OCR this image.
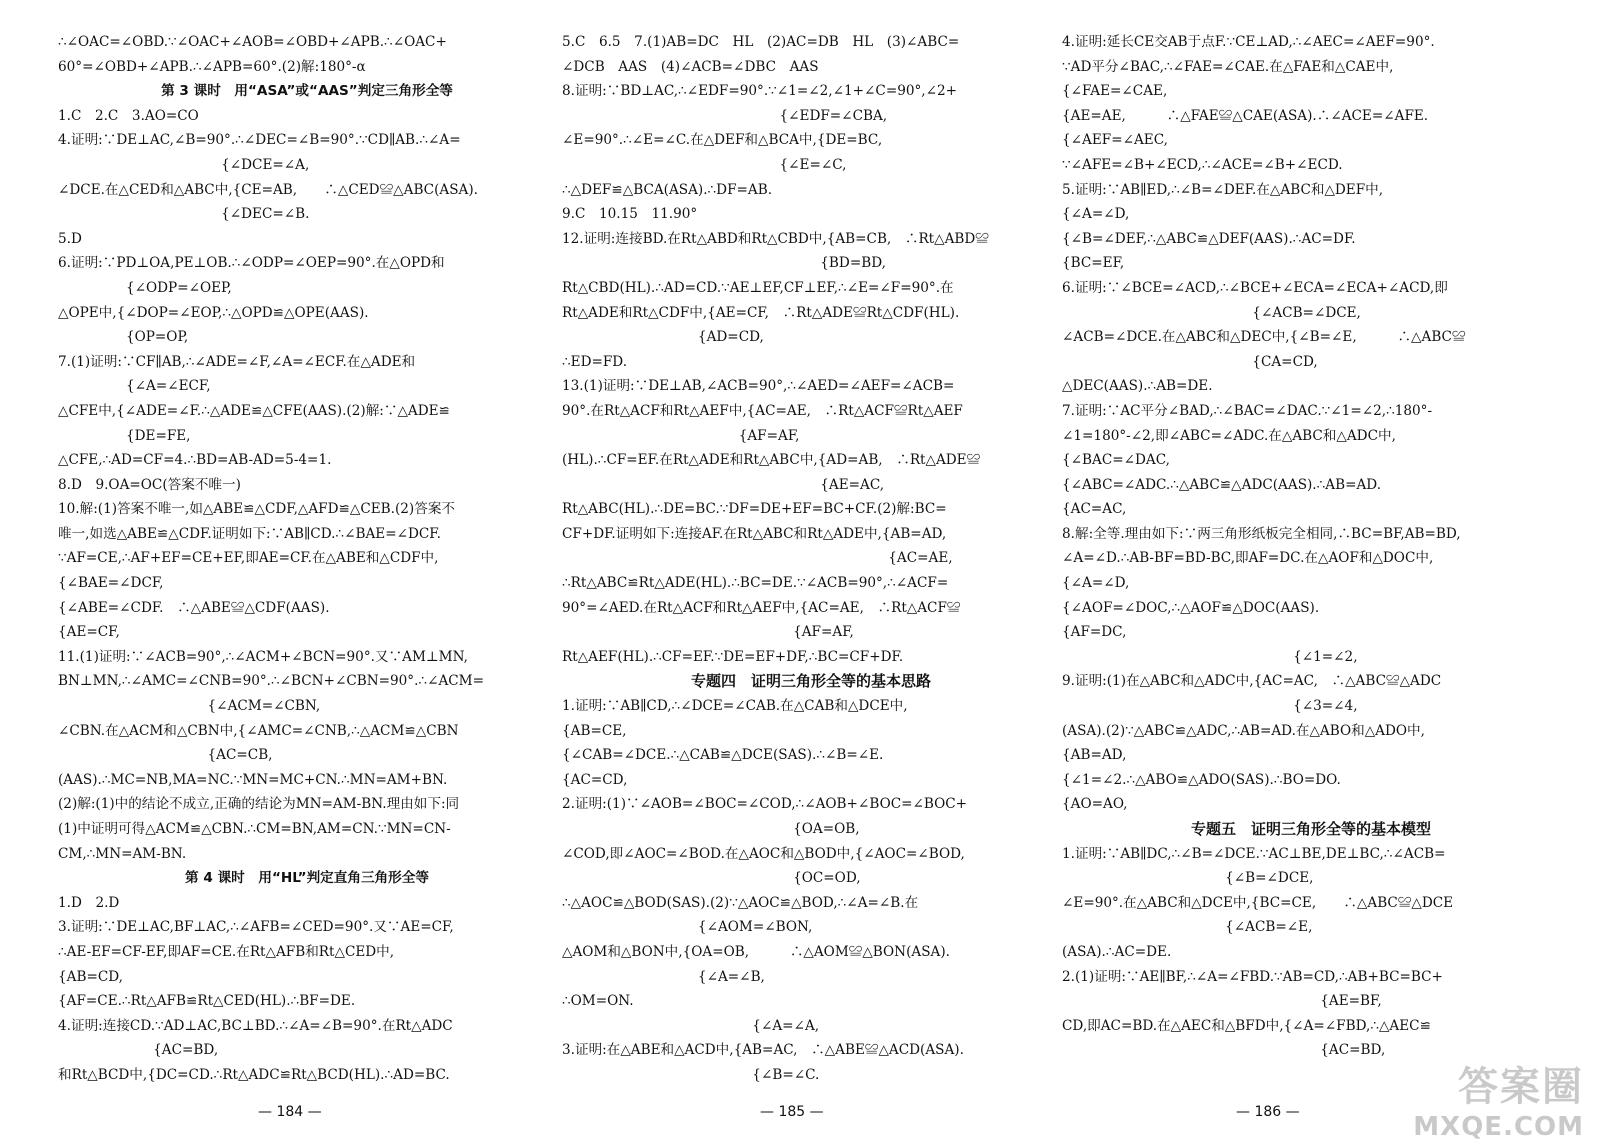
∴∠OAC=∠OBD.∵∠OAC+∠AOB=∠OBD+∠APB.∴∠OAC+
60°=∠OBD+∠APB.∴∠APB=60°.(2)解:180°-α
第 3 课时　用“ASA”或“AAS”判定三角形全等
1.C　2.C　3.AO=CO
4.证明:∵DE⊥AC,∠B=90°.∴∠DEC=∠B=90°.∵CD∥AB.∴∠A=
　　　　　　　　　　　　{∠DCE=∠A,
∠DCE.在△CED和△ABC中,{CE=AB,　　∴△CED≌△ABC(ASA).
　　　　　　　　　　　　{∠DEC=∠B.
5.D
6.证明:∵PD⊥OA,PE⊥OB.∴∠ODP=∠OEP=90°.在△OPD和
　　　　　{∠ODP=∠OEP,
△OPE中,{∠DOP=∠EOP,∴△OPD≌△OPE(AAS).
　　　　　{OP=OP,
7.(1)证明:∵CF∥AB,∴∠ADE=∠F,∠A=∠ECF.在△ADE和
　　　　　{∠A=∠ECF,
△CFE中,{∠ADE=∠F.∴△ADE≌△CFE(AAS).(2)解:∵△ADE≌
　　　　　{DE=FE,
△CFE,∴AD=CF=4.∴BD=AB-AD=5-4=1.
8.D　9.OA=OC(答案不唯一)
10.解:(1)答案不唯一,如△ABE≌△CDF,△AFD≌△CEB.(2)答案不
唯一,如选△ABE≌△CDF.证明如下:∵AB∥CD.∴∠BAE=∠DCF.
∵AF=CE,∴AF+EF=CE+EF,即AE=CF.在△ABE和△CDF中,
{∠BAE=∠DCF,
{∠ABE=∠CDF.　∴△ABE≌△CDF(AAS).
{AE=CF,
11.(1)证明:∵∠ACB=90°,∴∠ACM+∠BCN=90°.又∵AM⊥MN,
BN⊥MN,∴∠AMC=∠CNB=90°.∴∠BCN+∠CBN=90°.∴∠ACM=
　　　　　　　　　　　{∠ACM=∠CBN,
∠CBN.在△ACM和△CBN中,{∠AMC=∠CNB,∴△ACM≌△CBN
　　　　　　　　　　　{AC=CB,
(AAS).∴MC=NB,MA=NC.∵MN=MC+CN.∴MN=AM+BN.
(2)解:(1)中的结论不成立,正确的结论为MN=AM-BN.理由如下:同
(1)中证明可得△ACM≌△CBN.∴CM=BN,AM=CN.∵MN=CN-
CM,∴MN=AM-BN.
第 4 课时　用“HL”判定直角三角形全等
1.D　2.D
3.证明:∵DE⊥AC,BF⊥AC,∴∠AFB=∠CED=90°.又∵AE=CF,
∴AE-EF=CF-EF,即AF=CE.在Rt△AFB和Rt△CED中,
{AB=CD,
{AF=CE.∴Rt△AFB≌Rt△CED(HL).∴BF=DE.
4.证明:连接CD.∵AD⊥AC,BC⊥BD.∴∠A=∠B=90°.在Rt△ADC
　　　　　　　{AC=BD,
和Rt△BCD中,{DC=CD.∴Rt△ADC≌Rt△BCD(HL).∴AD=BC.
— 184 —
5.C　6.5　7.(1)AB=DC　HL　(2)AC=DB　HL　(3)∠ABC=
∠DCB　AAS　(4)∠ACB=∠DBC　AAS
8.证明:∵BD⊥AC,∴∠EDF=90°.∵∠1=∠2,∠1+∠C=90°,∠2+
　　　　　　　　　　　　　　　　{∠EDF=∠CBA,
∠E=90°.∴∠E=∠C.在△DEF和△BCA中,{DE=BC,
　　　　　　　　　　　　　　　　{∠E=∠C,
∴△DEF≌△BCA(ASA).∴DF=AB.
9.C　10.15　11.90°
12.证明:连接BD.在Rt△ABD和Rt△CBD中,{AB=CB,　∴Rt△ABD≌
　　　　　　　　　　　　　　　　　　　{BD=BD,
Rt△CBD(HL).∴AD=CD.∵AE⊥EF,CF⊥EF,∴∠E=∠F=90°.在
Rt△ADE和Rt△CDF中,{AE=CF,　∴Rt△ADE≌Rt△CDF(HL).
　　　　　　　　　　{AD=CD,
∴ED=FD.
13.(1)证明:∵DE⊥AB,∠ACB=90°,∴∠AED=∠AEF=∠ACB=
90°.在Rt△ACF和Rt△AEF中,{AC=AE,　∴Rt△ACF≌Rt△AEF
　　　　　　　　　　　　　{AF=AF,
(HL).∴CF=EF.在Rt△ADE和Rt△ABC中,{AD=AB,　∴Rt△ADE≌
　　　　　　　　　　　　　　　　　　　{AE=AC,
Rt△ABC(HL).∴DE=BC.∵DF=DE+EF=BC+CF.(2)解:BC=
CF+DF.证明如下:连接AF.在Rt△ABC和Rt△ADE中,{AB=AD,
　　　　　　　　　　　　　　　　　　　　　　　　{AC=AE,
∴Rt△ABC≌Rt△ADE(HL).∴BC=DE.∵∠ACB=90°,∴∠ACF=
90°=∠AED.在Rt△ACF和Rt△AEF中,{AC=AE,　∴Rt△ACF≌
　　　　　　　　　　　　　　　　　{AF=AF,
Rt△AEF(HL).∴CF=EF.∵DE=EF+DF,∴BC=CF+DF.
专题四　证明三角形全等的基本思路
1.证明:∵AB∥CD,∴∠DCE=∠CAB.在△CAB和△DCE中,
{AB=CE,
{∠CAB=∠DCE.∴△CAB≌△DCE(SAS).∴∠B=∠E.
{AC=CD,
2.证明:(1)∵∠AOB=∠BOC=∠COD,∴∠AOB+∠BOC=∠BOC+
　　　　　　　　　　　　　　　　　{OA=OB,
∠COD,即∠AOC=∠BOD.在△AOC和△BOD中,{∠AOC=∠BOD,
　　　　　　　　　　　　　　　　　{OC=OD,
∴△AOC≌△BOD(SAS).(2)∵△AOC≌△BOD,∴∠A=∠B.在
　　　　　　　　　　{∠AOM=∠BON,
△AOM和△BON中,{OA=OB,　　　∴△AOM≌△BON(ASA).
　　　　　　　　　　{∠A=∠B,
∴OM=ON.
　　　　　　　　　　　　　　{∠A=∠A,
3.证明:在△ABE和△ACD中,{AB=AC,　∴△ABE≌△ACD(ASA).
　　　　　　　　　　　　　　{∠B=∠C.
— 185 —
4.证明:延长CE交AB于点F.∵CE⊥AD,∴∠AEC=∠AEF=90°.
∵AD平分∠BAC,∴∠FAE=∠CAE.在△FAE和△CAE中,
{∠FAE=∠CAE,
{AE=AE,　　　∴△FAE≌△CAE(ASA).∴∠ACE=∠AFE.
{∠AEF=∠AEC,
∵∠AFE=∠B+∠ECD,∴∠ACE=∠B+∠ECD.
5.证明:∵AB∥ED,∴∠B=∠DEF.在△ABC和△DEF中,
{∠A=∠D,
{∠B=∠DEF,∴△ABC≌△DEF(AAS).∴AC=DF.
{BC=EF,
6.证明:∵∠BCE=∠ACD,∴∠BCE+∠ECA=∠ECA+∠ACD,即
　　　　　　　　　　　　　　{∠ACB=∠DCE,
∠ACB=∠DCE.在△ABC和△DEC中,{∠B=∠E,　　　∴△ABC≌
　　　　　　　　　　　　　　{CA=CD,
△DEC(AAS).∴AB=DE.
7.证明:∵AC平分∠BAD,∴∠BAC=∠DAC.∵∠1=∠2,∴180°-
∠1=180°-∠2,即∠ABC=∠ADC.在△ABC和△ADC中,
{∠BAC=∠DAC,
{∠ABC=∠ADC.∴△ABC≌△ADC(AAS).∴AB=AD.
{AC=AC,
8.解:全等.理由如下:∵两三角形纸板完全相同,∴BC=BF,AB=BD,
∠A=∠D.∴AB-BF=BD-BC,即AF=DC.在△AOF和△DOC中,
{∠A=∠D,
{∠AOF=∠DOC,∴△AOF≌△DOC(AAS).
{AF=DC,
　　　　　　　　　　　　　　　　　{∠1=∠2,
9.证明:(1)在△ABC和△ADC中,{AC=AC,　∴△ABC≌△ADC
　　　　　　　　　　　　　　　　　{∠3=∠4,
(ASA).(2)∵△ABC≌△ADC,∴AB=AD.在△ABO和△ADO中,
{AB=AD,
{∠1=∠2.∴△ABO≌△ADO(SAS).∴BO=DO.
{AO=AO,
专题五　证明三角形全等的基本模型
1.证明:∵AB∥DC,∴∠B=∠DCE.∵AC⊥BE,DE⊥BC,∴∠ACB=
　　　　　　　　　　　　{∠B=∠DCE,
∠E=90°.在△ABC和△DCE中,{BC=CE,　　∴△ABC≌△DCE
　　　　　　　　　　　　{∠ACB=∠E,
(ASA).∴AC=DE.
2.(1)证明:∵AE∥BF,∴∠A=∠FBD.∵AB=CD,∴AB+BC=BC+
　　　　　　　　　　　　　　　　　　　{AE=BF,
CD,即AC=BD.在△AEC和△BFD中,{∠A=∠FBD,∴△AEC≌
　　　　　　　　　　　　　　　　　　　{AC=BD,
— 186 —
答案圈
MXQE.COM
